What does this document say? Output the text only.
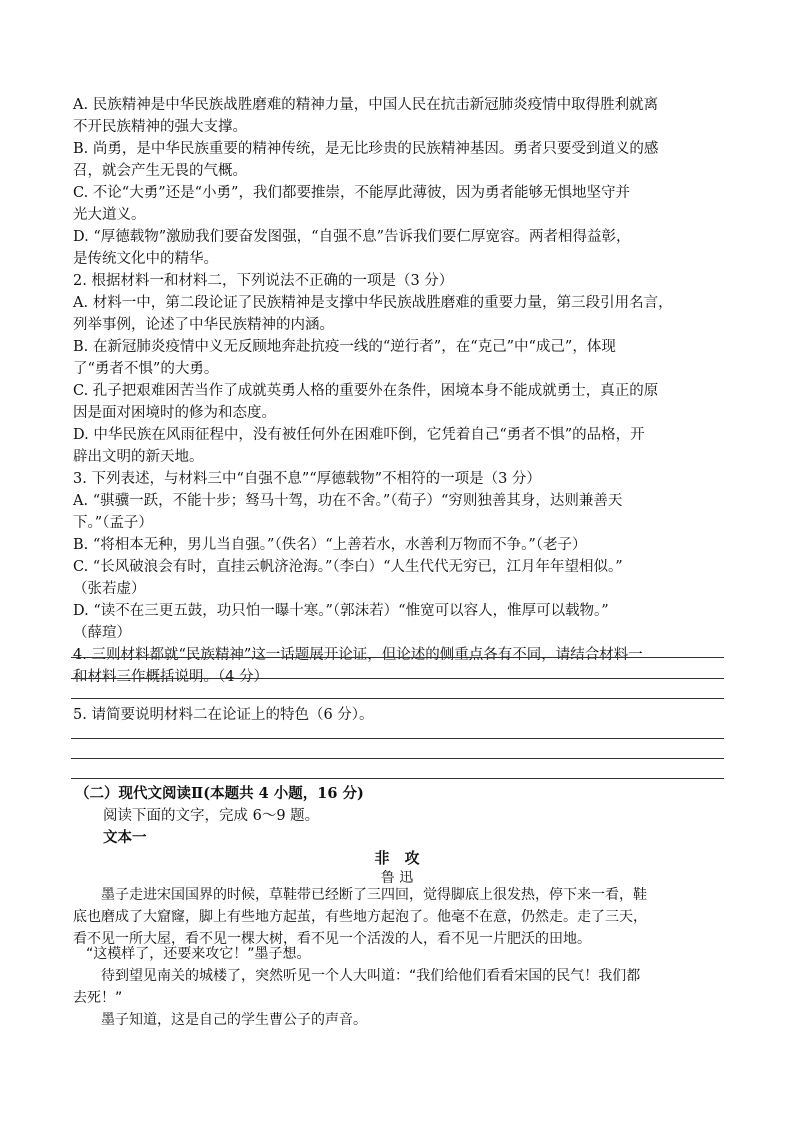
A. 民族精神是中华民族战胜磨难的精神力量，中国人民在抗击新冠肺炎疫情中取得胜利就离
不开民族精神的强大支撑。
B. 尚勇，是中华民族重要的精神传统，是无比珍贵的民族精神基因。勇者只要受到道义的感
召，就会产生无畏的气概。
C. 不论“大勇”还是“小勇”，我们都要推崇，不能厚此薄彼，因为勇者能够无惧地坚守并
光大道义。
D. “厚德载物”激励我们要奋发图强，“自强不息”告诉我们要仁厚宽容。两者相得益彰，
是传统文化中的精华。
2. 根据材料一和材料二，下列说法不正确的一项是（3 分）
A. 材料一中，第二段论证了民族精神是支撑中华民族战胜磨难的重要力量，第三段引用名言，
列举事例，论述了中华民族精神的内涵。
B. 在新冠肺炎疫情中义无反顾地奔赴抗疫一线的“逆行者”，在“克己”中“成己”，体现
了“勇者不惧”的大勇。
C. 孔子把艰难困苦当作了成就英勇人格的重要外在条件，困境本身不能成就勇士，真正的原
因是面对困境时的修为和态度。
D. 中华民族在风雨征程中，没有被任何外在困难吓倒，它凭着自己“勇者不惧”的品格，开
辟出文明的新天地。
3. 下列表述，与材料三中“自强不息”“厚德载物”不相符的一项是（3 分）
A. “骐骥一跃，不能十步；驽马十驾，功在不舍。”（荀子）“穷则独善其身，达则兼善天
下。”（孟子）
B. “将相本无种，男儿当自强。”（佚名）“上善若水，水善利万物而不争。”（老子）
C. “长风破浪会有时，直挂云帆济沧海。”（李白）“人生代代无穷已，江月年年望相似。”
（张若虚）
D. “读不在三更五鼓，功只怕一曝十寒。”（郭沫若）“惟宽可以容人，惟厚可以载物。”
（薛瑄）
4. 三则材料都就“民族精神”这一话题展开论证，但论述的侧重点各有不同，请结合材料一
和材料三作概括说明。（4 分）
5. 请简要说明材料二在论证上的特色（6 分）。
（二）现代文阅读Ⅱ(本题共 4 小题，16 分)
阅读下面的文字，完成 6～9 题。
文本一
非　攻
鲁 迅
墨子走进宋国国界的时候，草鞋带已经断了三四回，觉得脚底上很发热，停下来一看，鞋
底也磨成了大窟窿，脚上有些地方起茧，有些地方起泡了。他毫不在意，仍然走。走了三天，
看不见一所大屋，看不见一棵大树，看不见一个活泼的人，看不见一片肥沃的田地。
“这模样了，还要来攻它！”墨子想。
待到望见南关的城楼了，突然听见一个人大叫道：“我们给他们看看宋国的民气！我们都
去死！”
墨子知道，这是自己的学生曹公子的声音。
